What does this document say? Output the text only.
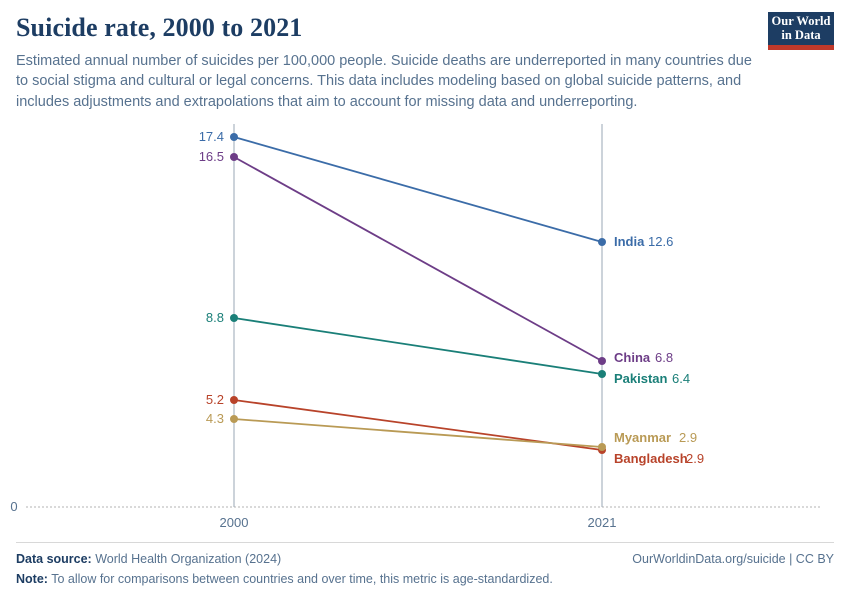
Suicide rate, 2000 to 2021
Estimated annual number of suicides per 100,000 people. Suicide deaths are underreported in many countries due to social stigma and cultural or legal concerns. This data includes modeling based on global suicide patterns, and includes adjustments and extrapolations that aim to account for missing data and underreporting.
Our World
in Data
0
2000	2021
17.4
India 12.6
16.5
China 6.8
8.8
Pakistan 6.4
5.2
Bangladesh
2.9
4.3
Myanmar 2.9
Data source: World Health Organization (2024)	OurWorldinData.org/suicide | CC BY
Note: To allow for comparisons between countries and over time, this metric is age-standardized.
